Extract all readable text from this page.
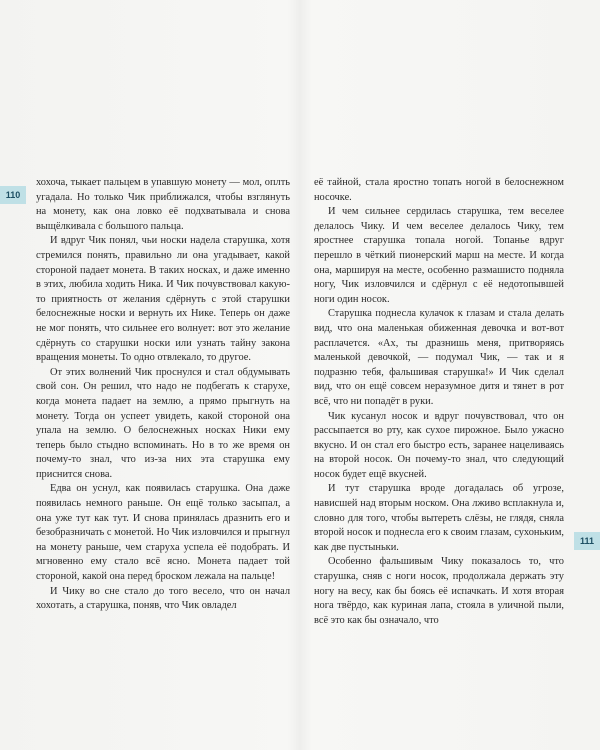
110
111

хохоча, тыкает пальцем в упавшую монету — мол, оплть угадала. Но только Чик приближался, чтобы взглянуть на монету, как она ловко её подхватывала и снова выщёлкивала с большого пальца.

И вдруг Чик понял, чьи носки надела старушка, хотя стремился понять, правильно ли она угадывает, какой стороной падает монета. В таких носках, и даже именно в этих, любила ходить Ника. И Чик почувствовал какую-то приятность от желания сдёрнуть с этой старушки белоснежные носки и вернуть их Нике. Теперь он даже не мог понять, что сильнее его волнует: вот это желание сдёрнуть со старушки носки или узнать тайну закона вращения монеты. То одно отвлекало, то другое.

От этих волнений Чик проснулся и стал обдумывать свой сон. Он решил, что надо не подбегать к старухе, когда монета падает на землю, а прямо прыгнуть на монету. Тогда он успеет увидеть, какой стороной она упала на землю. О белоснежных носках Ники ему теперь было стыдно вспоминать. Но в то же время он почему-то знал, что из-за них эта старушка ему приснится снова.

Едва он уснул, как появилась старушка. Она даже появилась немного раньше. Он ещё только засыпал, а она уже тут как тут. И снова принялась дразнить его и безобразничать с монетой. Но Чик изловчился и прыгнул на монету раньше, чем старуха успела её подобрать. И мгновенно ему стало всё ясно. Монета падает той стороной, какой она перед броском лежала на пальце!

И Чику во сне стало до того весело, что он начал хохотать, а старушка, поняв, что Чик овладел

её тайной, стала яростно топать ногой в белоснежном носочке.

И чем сильнее сердилась старушка, тем веселее делалось Чику. И чем веселее делалось Чику, тем яростнее старушка топала ногой. Топанье вдруг перешло в чёткий пионерский марш на месте. И когда она, маршируя на месте, особенно размашисто подняла ногу, Чик изловчился и сдёрнул с её недотопывшей ноги один носок.

Старушка поднесла кулачок к глазам и стала делать вид, что она маленькая обиженная девочка и вот-вот расплачется. «Ах, ты дразнишь меня, притворяясь маленькой девочкой, — подумал Чик, — так и я подразню тебя, фальшивая старушка!» И Чик сделал вид, что он ещё совсем неразумное дитя и тянет в рот всё, что ни попадёт в руки.

Чик кусанул носок и вдруг почувствовал, что он рассыпается во рту, как сухое пирожное. Было ужасно вкусно. И он стал его быстро есть, заранее нацеливаясь на второй носок. Он почему-то знал, что следующий носок будет ещё вкусней.

И тут старушка вроде догадалась об угрозе, нависшей над вторым носком. Она лживо всплакнула и, словно для того, чтобы вытереть слёзы, не глядя, сняла второй носок и поднесла его к своим глазам, сухоньким, как две пустыньки.

Особенно фальшивым Чику показалось то, что старушка, сняв с ноги носок, продолжала держать эту ногу на весу, как бы боясь её испачкать. И хотя вторая нога твёрдо, как куриная лапа, стояла в уличной пыли, всё это как бы означало, что
